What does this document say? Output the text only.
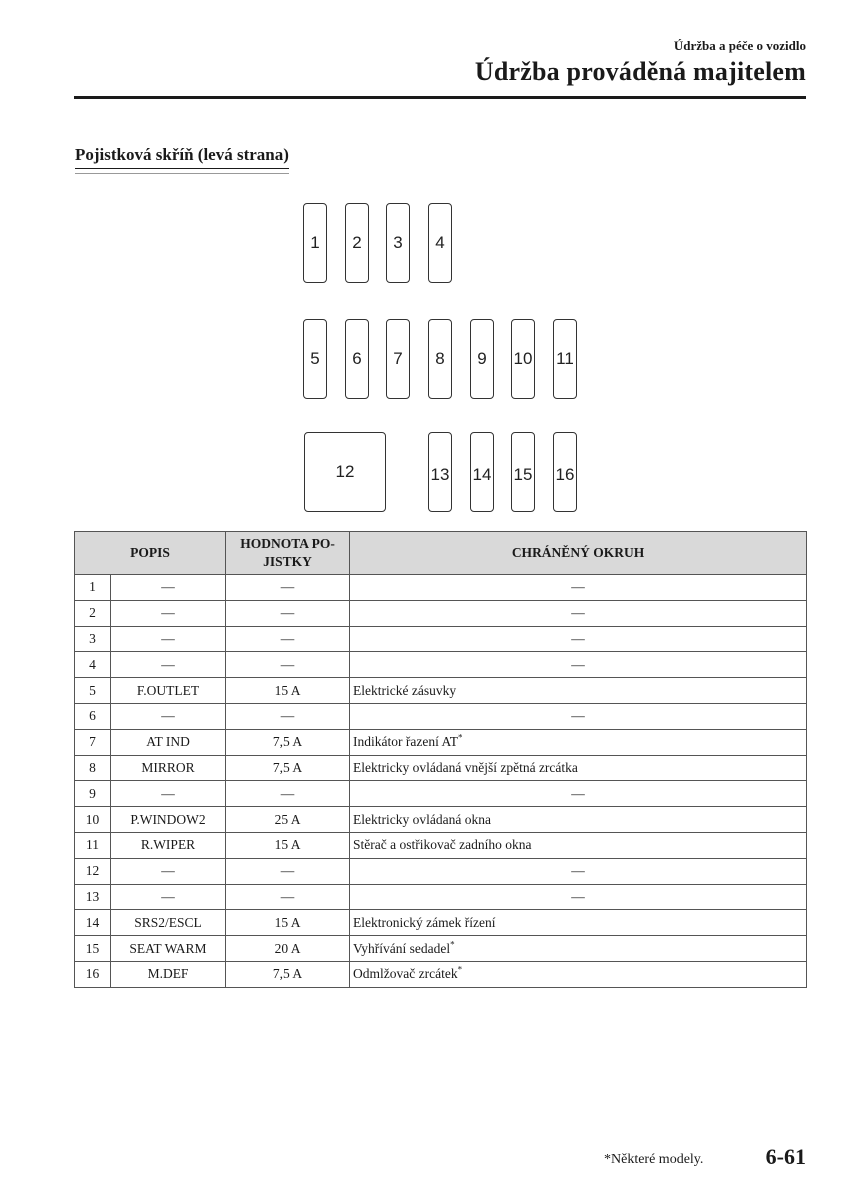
Údržba a péče o vozidlo
Údržba prováděná majitelem
Pojistková skříň (levá strana)
1	2	3	4
5	6	7	8	9	10 11
12	13 14 15 16
POPIS		HODNOTA PO-JISTKY	CHRÁNĚNÝ OKRUH
1	—	—	—
2	—	—	—
3	—	—	—
4	—	—	—
5	F.OUTLET	15 A	Elektrické zásuvky
6	—	—	—
7	AT IND	7,5 A	Indikátor řazení AT*
8	MIRROR	7,5 A	Elektricky ovládaná vnější zpětná zrcátka
9	—	—	—
10	P.WINDOW2	25 A	Elektricky ovládaná okna
11	R.WIPER	15 A	Stěrač a ostřikovač zadního okna
12	—	—	—
13	—	—	—
14	SRS2/ESCL	15 A	Elektronický zámek řízení
15	SEAT WARM	20 A	Vyhřívání sedadel*
16	M.DEF	7,5 A	Odmlžovač zrcátek*
*Některé modely.	6-61
